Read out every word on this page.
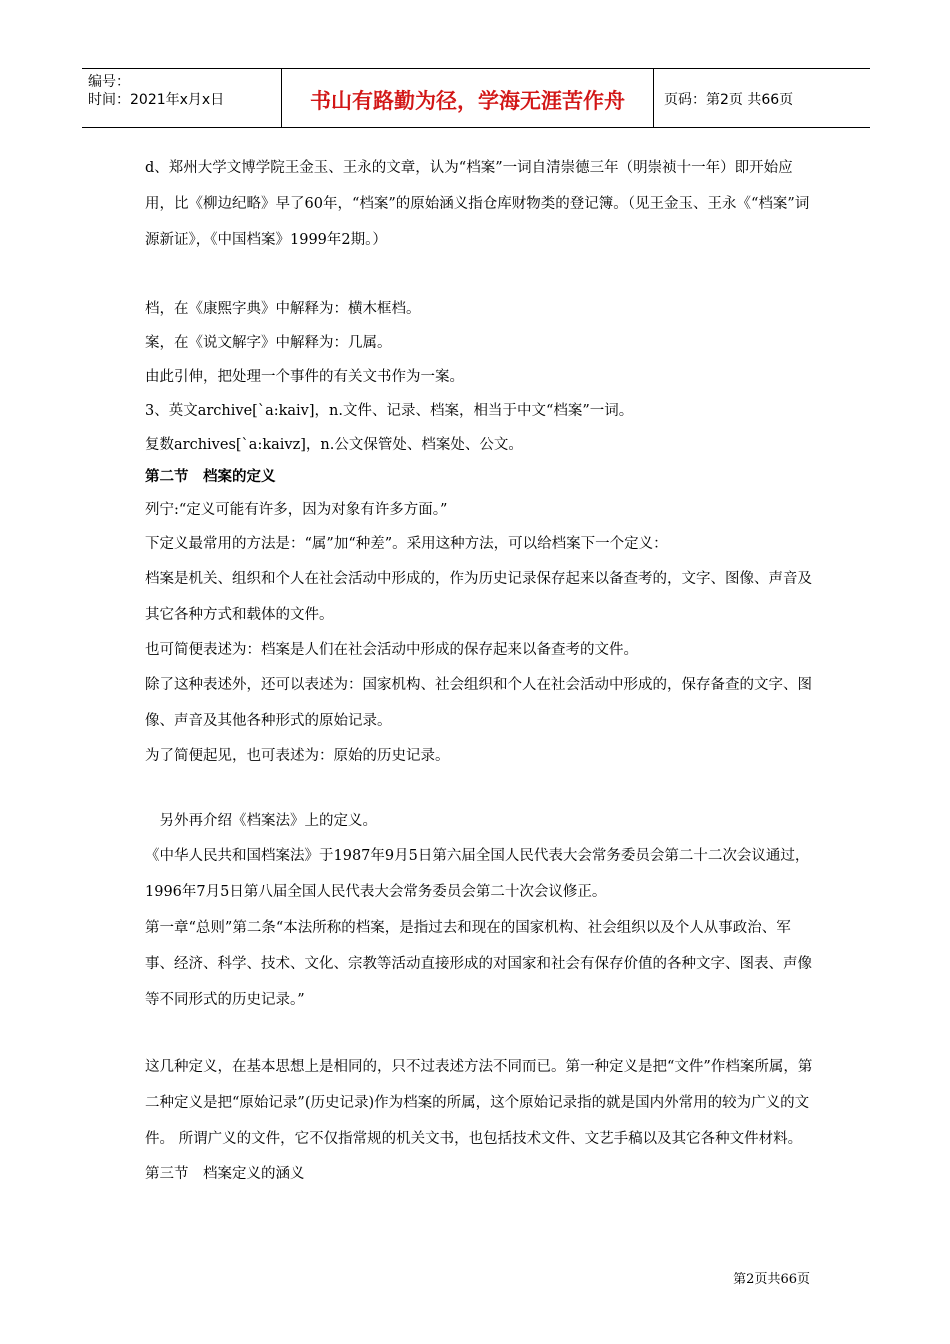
编号：
时间：2021年x月x日	书山有路勤为径，学海无涯苦作舟	页码：第2页 共66页

d、郑州大学文博学院王金玉、王永的文章，认为“档案”一词自清崇德三年（明崇祯十一年）即开始应用，比《柳边纪略》早了60年，“档案”的原始涵义指仓库财物类的登记簿。（见王金玉、王永《“档案”词源新证》，《中国档案》1999年2期。）

档，在《康熙字典》中解释为：横木框档。

案，在《说文解字》中解释为：几属。

由此引伸，把处理一个事件的有关文书作为一案。

3、英文archive[`a:kaiv]，n.文件、记录、档案，相当于中文“档案”一词。

复数archives[`a:kaivz]，n.公文保管处、档案处、公文。

第二节　档案的定义

列宁:“定义可能有许多，因为对象有许多方面。”

下定义最常用的方法是：“属”加“种差”。采用这种方法，可以给档案下一个定义：

档案是机关、组织和个人在社会活动中形成的，作为历史记录保存起来以备查考的，文字、图像、声音及其它各种方式和载体的文件。

也可简便表述为：档案是人们在社会活动中形成的保存起来以备查考的文件。

除了这种表述外，还可以表述为：国家机构、社会组织和个人在社会活动中形成的，保存备查的文字、图像、声音及其他各种形式的原始记录。

为了简便起见，也可表述为：原始的历史记录。

　另外再介绍《档案法》上的定义。

《中华人民共和国档案法》于1987年9月5日第六届全国人民代表大会常务委员会第二十二次会议通过，1996年7月5日第八届全国人民代表大会常务委员会第二十次会议修正。

第一章“总则”第二条“本法所称的档案，是指过去和现在的国家机构、社会组织以及个人从事政治、军事、经济、科学、技术、文化、宗教等活动直接形成的对国家和社会有保存价值的各种文字、图表、声像等不同形式的历史记录。”

这几种定义，在基本思想上是相同的，只不过表述方法不同而已。第一种定义是把“文件”作档案所属，第二种定义是把“原始记录”(历史记录)作为档案的所属，这个原始记录指的就是国内外常用的较为广义的文件。 所谓广义的文件，它不仅指常规的机关文书，也包括技术文件、文艺手稿以及其它各种文件材料。

第三节　档案定义的涵义

第2页共66页
